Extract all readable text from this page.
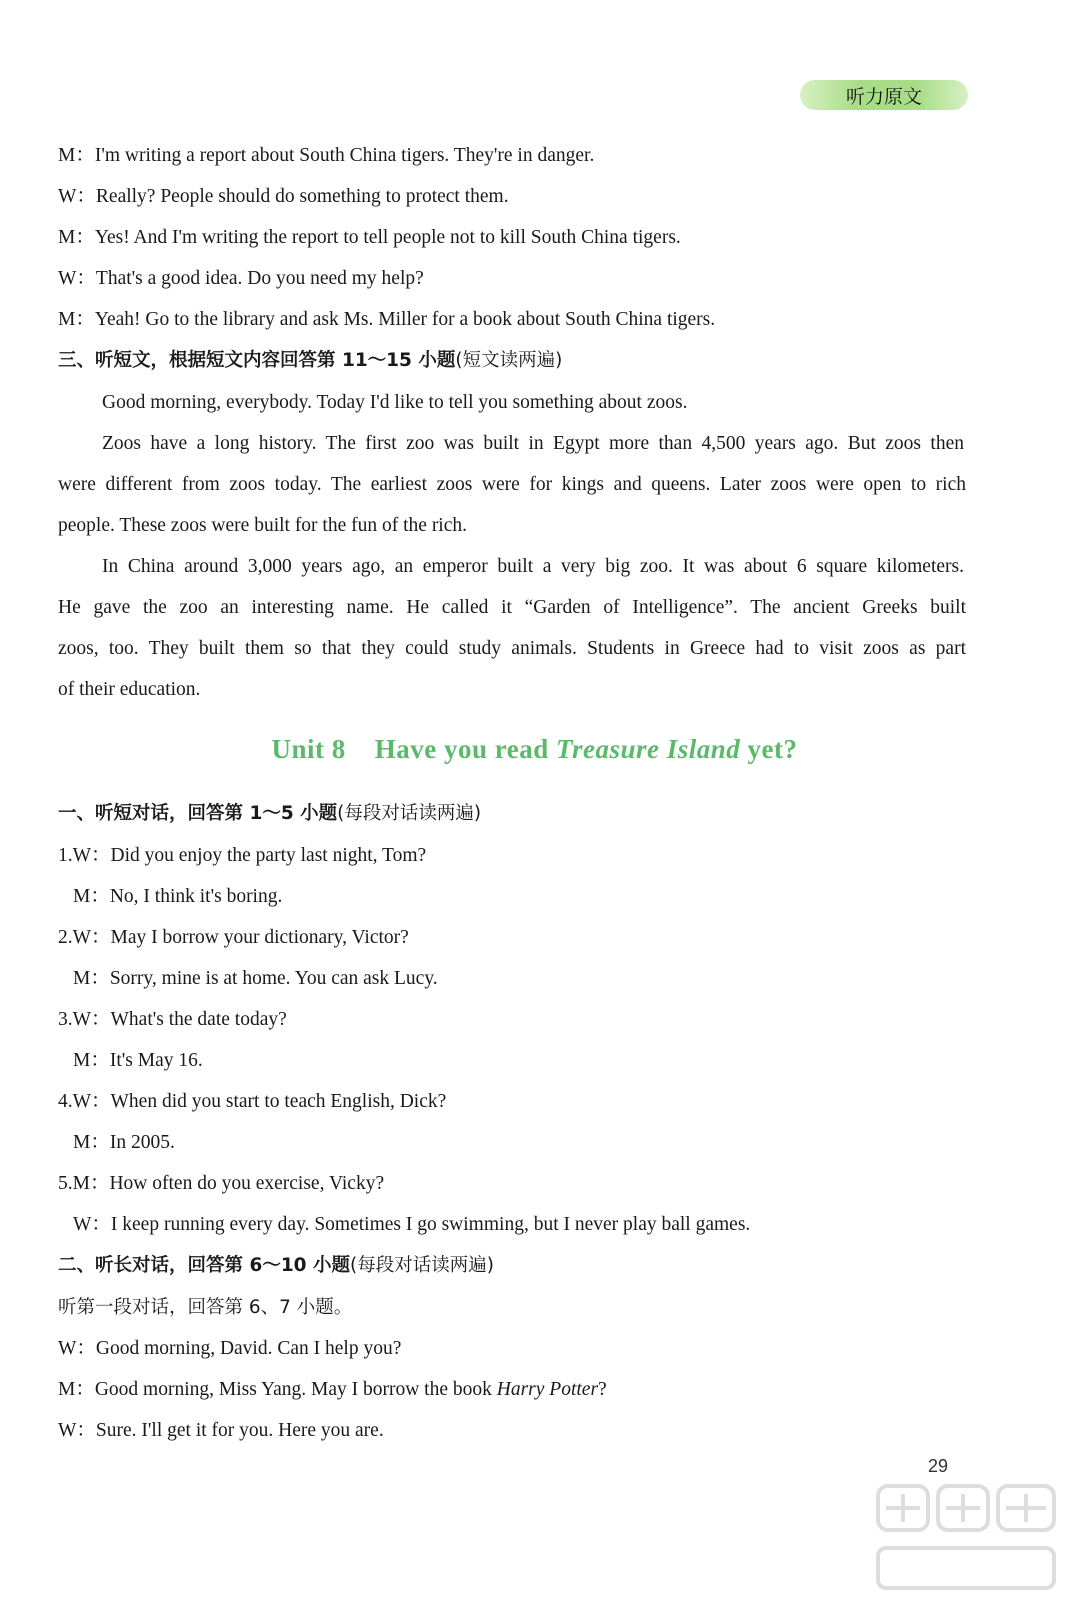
听力原文
M：I'm writing a report about South China tigers. They're in danger.
W：Really? People should do something to protect them.
M：Yes! And I'm writing the report to tell people not to kill South China tigers.
W：That's a good idea. Do you need my help?
M：Yeah! Go to the library and ask Ms. Miller for a book about South China tigers.
三、听短文，根据短文内容回答第 11～15 小题(短文读两遍)
Good morning, everybody. Today I'd like to tell you something about zoos.
Zoos have a long history. The first zoo was built in Egypt more than 4,500 years ago. But zoos then
were different from zoos today. The earliest zoos were for kings and queens. Later zoos were open to rich
people. These zoos were built for the fun of the rich.
In China around 3,000 years ago, an emperor built a very big zoo. It was about 6 square kilometers.
He gave the zoo an interesting name. He called it “Garden of Intelligence”. The ancient Greeks built
zoos, too. They built them so that they could study animals. Students in Greece had to visit zoos as part
of their education.
Unit 8    Have you read Treasure Island yet?
一、听短对话，回答第 1～5 小题(每段对话读两遍)
1.W：Did you enjoy the party last night, Tom?
M：No, I think it's boring.
2.W：May I borrow your dictionary, Victor?
M：Sorry, mine is at home. You can ask Lucy.
3.W：What's the date today?
M：It's May 16.
4.W：When did you start to teach English, Dick?
M：In 2005.
5.M：How often do you exercise, Vicky?
W：I keep running every day. Sometimes I go swimming, but I never play ball games.
二、听长对话，回答第 6～10 小题(每段对话读两遍)
听第一段对话，回答第 6、7 小题。
W：Good morning, David. Can I help you?
M：Good morning, Miss Yang. May I borrow the book Harry Potter?
W：Sure. I'll get it for you. Here you are.
29
